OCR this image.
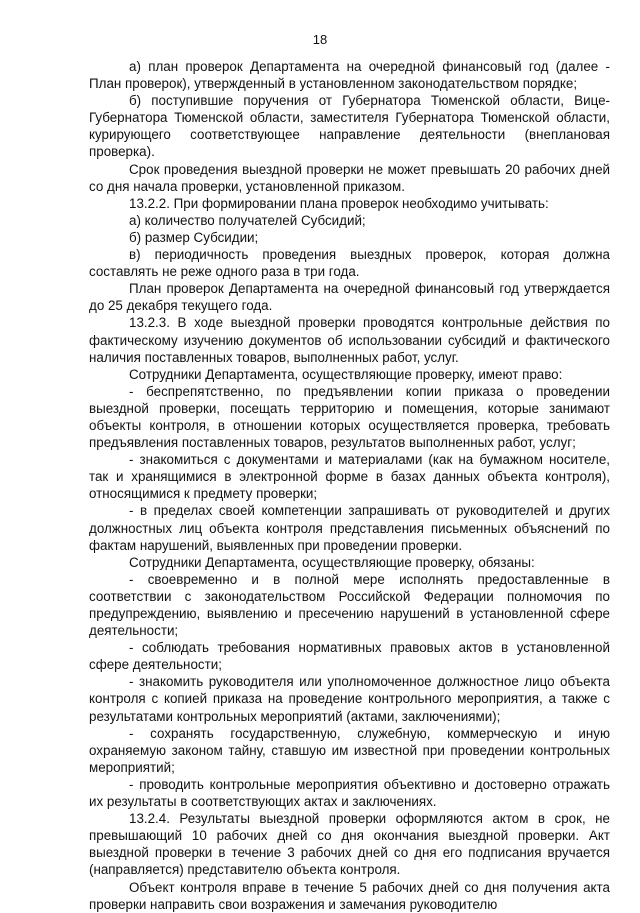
18

а) план проверок Департамента на очередной финансовый год (далее - План проверок), утвержденный в установленном законодательством порядке;

б) поступившие поручения от Губернатора Тюменской области, Вице-Губернатора Тюменской области, заместителя Губернатора Тюменской области, курирующего соответствующее направление деятельности (внеплановая проверка).

Срок проведения выездной проверки не может превышать 20 рабочих дней со дня начала проверки, установленной приказом.

13.2.2. При формировании плана проверок необходимо учитывать:

а) количество получателей Субсидий;

б) размер Субсидии;

в) периодичность проведения выездных проверок, которая должна составлять не реже одного раза в три года.

План проверок Департамента на очередной финансовый год утверждается до 25 декабря текущего года.

13.2.3. В ходе выездной проверки проводятся контрольные действия по фактическому изучению документов об использовании субсидий и фактического наличия поставленных товаров, выполненных работ, услуг.

Сотрудники Департамента, осуществляющие проверку, имеют право:

- беспрепятственно, по предъявлении копии приказа о проведении выездной проверки, посещать территорию и помещения, которые занимают объекты контроля, в отношении которых осуществляется проверка, требовать предъявления поставленных товаров, результатов выполненных работ, услуг;

- знакомиться с документами и материалами (как на бумажном носителе, так и хранящимися в электронной форме в базах данных объекта контроля), относящимися к предмету проверки;

- в пределах своей компетенции запрашивать от руководителей и других должностных лиц объекта контроля представления письменных объяснений по фактам нарушений, выявленных при проведении проверки.

Сотрудники Департамента, осуществляющие проверку, обязаны:

- своевременно и в полной мере исполнять предоставленные в соответствии с законодательством Российской Федерации полномочия по предупреждению, выявлению и пресечению нарушений в установленной сфере деятельности;

- соблюдать требования нормативных правовых актов в установленной сфере деятельности;

- знакомить руководителя или уполномоченное должностное лицо объекта контроля с копией приказа на проведение контрольного мероприятия, а также с результатами контрольных мероприятий (актами, заключениями);

- сохранять государственную, служебную, коммерческую и иную охраняемую законом тайну, ставшую им известной при проведении контрольных мероприятий;

- проводить контрольные мероприятия объективно и достоверно отражать их результаты в соответствующих актах и заключениях.

13.2.4. Результаты выездной проверки оформляются актом в срок, не превышающий 10 рабочих дней со дня окончания выездной проверки. Акт выездной проверки в течение 3 рабочих дней со дня его подписания вручается (направляется) представителю объекта контроля.

Объект контроля вправе в течение 5 рабочих дней со дня получения акта проверки направить свои возражения и замечания руководителю
